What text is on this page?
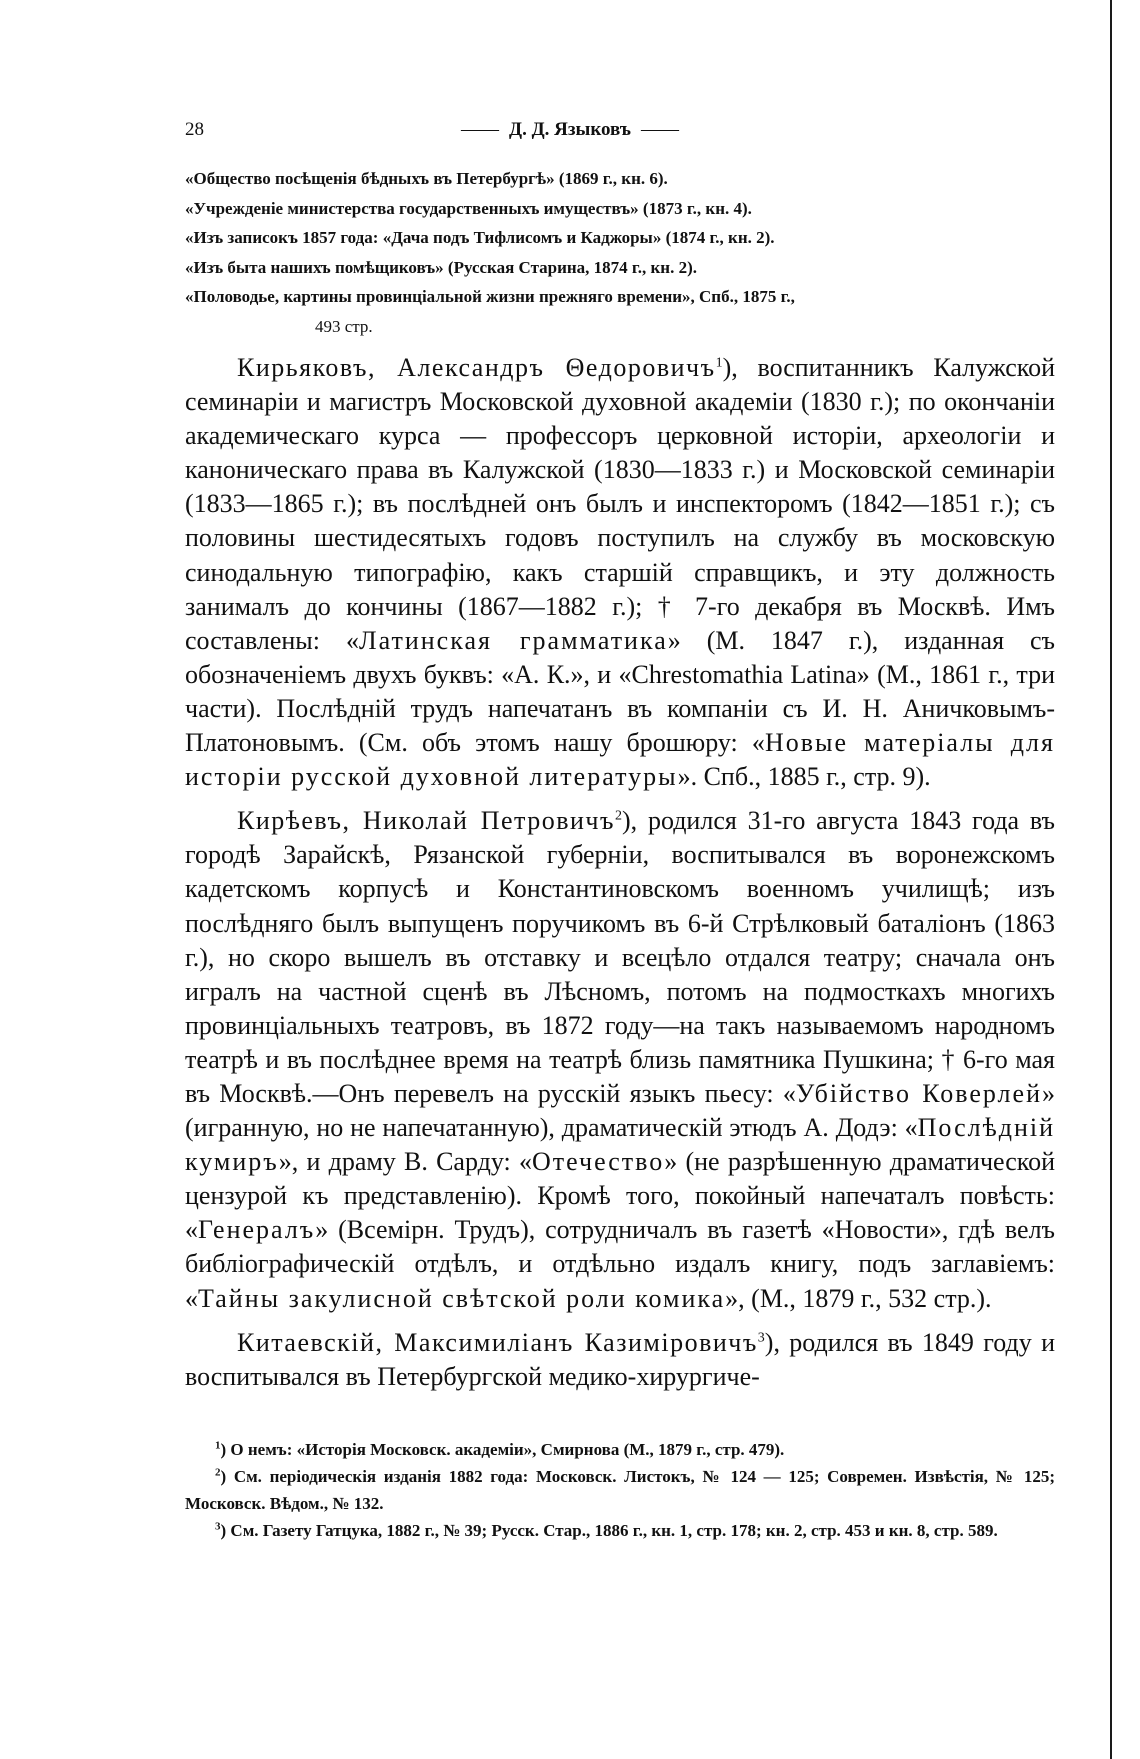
28	—— Д. Д. Языковъ ——
«Общество посѣщенія бѣдныхъ въ Петербургѣ» (1869 г., кн. 6).
«Учрежденіе министерства государственныхъ имуществъ» (1873 г., кн. 4).
«Изъ записокъ 1857 года: «Дача подъ Тифлисомъ и Каджоры» (1874 г., кн. 2).
«Изъ быта нашихъ помѣщиковъ» (Русская Старина, 1874 г., кн. 2).
«Половодье, картины провинціальной жизни прежняго времени», Спб., 1875 г.,
493 стр.

Кирьяковъ, Александръ Θедоровичъ$^1$), воспитанникъ Калужской семинаріи и магистръ Московской духовной академіи (1830 г.); по окончаніи академическаго курса — профессоръ церковной исторіи, археологіи и каноническаго права въ Калужской (1830—1833 г.) и Московской семинаріи (1833—1865 г.); въ послѣдней онъ былъ и инспекторомъ (1842—1851 г.); съ половины шестидесятыхъ годовъ поступилъ на службу въ московскую синодальную типографію, какъ старшій справщикъ, и эту должность занималъ до кончины (1867—1882 г.); † 7-го декабря въ Москвѣ. Имъ составлены: «Латинская грамматика» (М. 1847 г.), изданная съ обозначеніемъ двухъ буквъ: «А. К.», и «Chrestomathia Latina» (М., 1861 г., три части). Послѣдній трудъ напечатанъ въ компаніи съ И. Н. Аничковымъ-Платоновымъ. (См. объ этомъ нашу брошюру: «Новые матеріалы для исторіи русской духовной литературы». Спб., 1885 г., стр. 9).

Кирѣевъ, Николай Петровичъ$^2$), родился 31-го августа 1843 года въ городѣ Зарайскѣ, Рязанской губерніи, воспитывался въ воронежскомъ кадетскомъ корпусѣ и Константиновскомъ военномъ училищѣ; изъ послѣдняго былъ выпущенъ поручикомъ въ 6-й Стрѣлковый баталіонъ (1863 г.), но скоро вышелъ въ отставку и всецѣло отдался театру; сначала онъ игралъ на частной сценѣ въ Лѣсномъ, потомъ на подмосткахъ многихъ провинціальныхъ театровъ, въ 1872 году—на такъ называемомъ народномъ театрѣ и въ послѣднее время на театрѣ близь памятника Пушкина; † 6-го мая въ Москвѣ.—Онъ перевелъ на русскій языкъ пьесу: «Убійство Коверлей» (игранную, но не напечатанную), драматическій этюдъ А. Додэ: «Послѣдній кумиръ», и драму В. Сарду: «Отечество» (не разрѣшенную драматической цензурой къ представленію). Кромѣ того, покойный напечаталъ повѣсть: «Генералъ» (Всемірн. Трудъ), сотрудничалъ въ газетѣ «Новости», гдѣ велъ библіографическій отдѣлъ, и отдѣльно издалъ книгу, подъ заглавіемъ: «Тайны закулисной свѣтской роли комика», (М., 1879 г., 532 стр.).

Китаевскій, Максимиліанъ Казиміровичъ$^3$), родился въ 1849 году и воспитывался въ Петербургской медико-хирургиче-

$^1$) О немъ: «Исторія Московск. академіи», Смирнова (М., 1879 г., стр. 479).

$^2$) См. періодическія изданія 1882 года: Московск. Листокъ, № 124 — 125; Современ. Извѣстія, № 125; Московск. Вѣдом., № 132.

$^3$) См. Газету Гатцука, 1882 г., № 39; Русск. Стар., 1886 г., кн. 1, стр. 178; кн. 2, стр. 453 и кн. 8, стр. 589.
